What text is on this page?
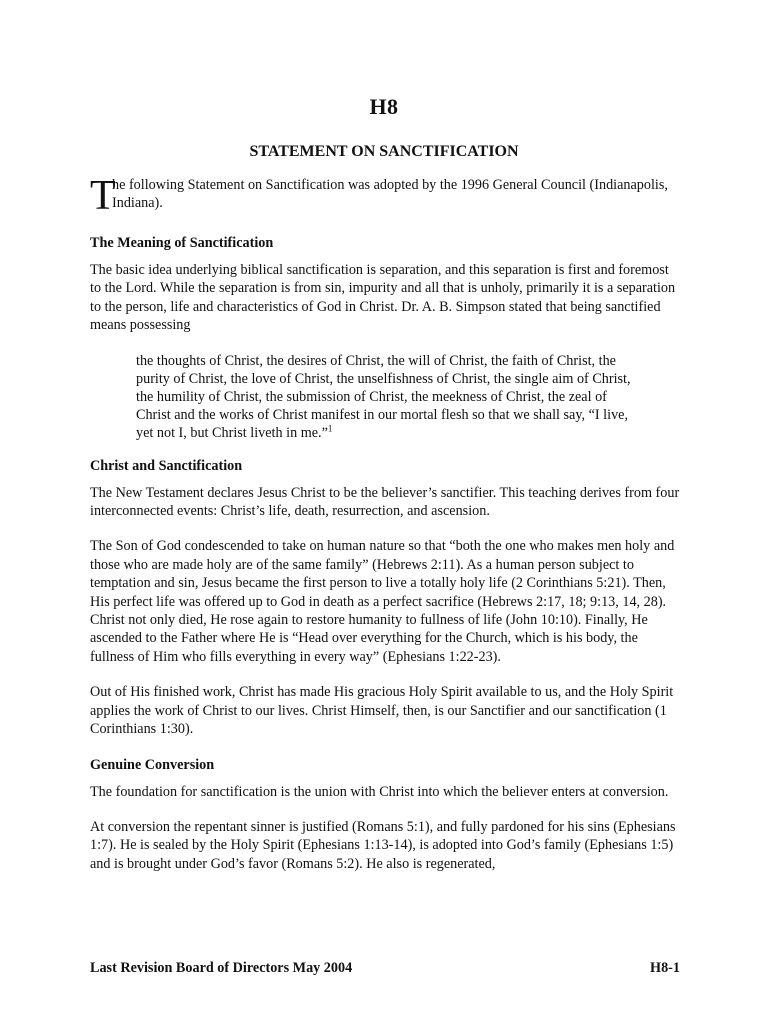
H8
STATEMENT ON SANCTIFICATION
T
he following Statement on Sanctification was adopted by the 1996 General Council (Indianapolis, Indiana).
The Meaning of Sanctification

The basic idea underlying biblical sanctification is separation, and this separation is first and foremost to the Lord. While the separation is from sin, impurity and all that is unholy, primarily it is a separation to the person, life and characteristics of God in Christ. Dr. A. B. Simpson stated that being sanctified means possessing

the thoughts of Christ, the desires of Christ, the will of Christ, the faith of Christ, the purity of Christ, the love of Christ, the unselfishness of Christ, the single aim of Christ, the humility of Christ, the submission of Christ, the meekness of Christ, the zeal of Christ and the works of Christ manifest in our mortal flesh so that we shall say, “I live, yet not I, but Christ liveth in me.”$^1$
Christ and Sanctification

The New Testament declares Jesus Christ to be the believer’s sanctifier. This teaching derives from four interconnected events: Christ’s life, death, resurrection, and ascension.

The Son of God condescended to take on human nature so that “both the one who makes men holy and those who are made holy are of the same family” (Hebrews 2:11). As a human person subject to temptation and sin, Jesus became the first person to live a totally holy life (2 Corinthians 5:21). Then, His perfect life was offered up to God in death as a perfect sacrifice (Hebrews 2:17, 18; 9:13, 14, 28). Christ not only died, He rose again to restore humanity to fullness of life (John 10:10). Finally, He ascended to the Father where He is “Head over everything for the Church, which is his body, the fullness of Him who fills everything in every way” (Ephesians 1:22-23).

Out of His finished work, Christ has made His gracious Holy Spirit available to us, and the Holy Spirit applies the work of Christ to our lives. Christ Himself, then, is our Sanctifier and our sanctification (1 Corinthians 1:30).

Genuine Conversion

The foundation for sanctification is the union with Christ into which the believer enters at conversion.

At conversion the repentant sinner is justified (Romans 5:1), and fully pardoned for his sins (Ephesians 1:7). He is sealed by the Holy Spirit (Ephesians 1:13-14), is adopted into God’s family (Ephesians 1:5) and is brought under God’s favor (Romans 5:2). He also is regenerated,

Last Revision Board of Directors May 2004	H8-1
